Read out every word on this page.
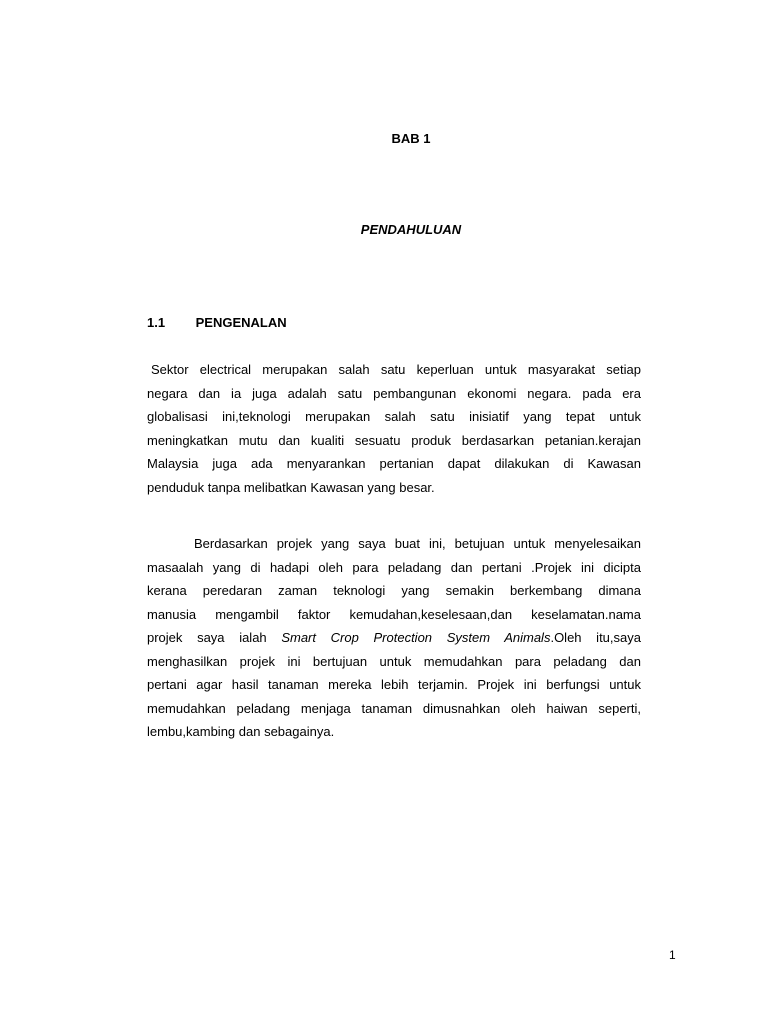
BAB 1
PENDAHULUAN
1.1 PENGENALAN
Sektor electrical merupakan salah satu keperluan untuk masyarakat setiap
negara dan ia juga adalah satu pembangunan ekonomi negara. pada era
globalisasi ini,teknologi merupakan salah satu inisiatif yang tepat untuk
meningkatkan mutu dan kualiti sesuatu produk berdasarkan petanian.kerajan
Malaysia juga ada menyarankan pertanian dapat dilakukan di Kawasan
penduduk tanpa melibatkan Kawasan yang besar.
Berdasarkan projek yang saya buat ini, betujuan untuk menyelesaikan
masaalah yang di hadapi oleh para peladang dan pertani .Projek ini dicipta
kerana peredaran zaman teknologi yang semakin berkembang dimana
manusia mengambil faktor kemudahan,keselesaan,dan keselamatan.nama
projek saya ialah Smart Crop Protection System Animals.Oleh itu,saya
menghasilkan projek ini bertujuan untuk memudahkan para peladang dan
pertani agar hasil tanaman mereka lebih terjamin. Projek ini berfungsi untuk
memudahkan peladang menjaga tanaman dimusnahkan oleh haiwan seperti,
lembu,kambing dan sebagainya.
1
